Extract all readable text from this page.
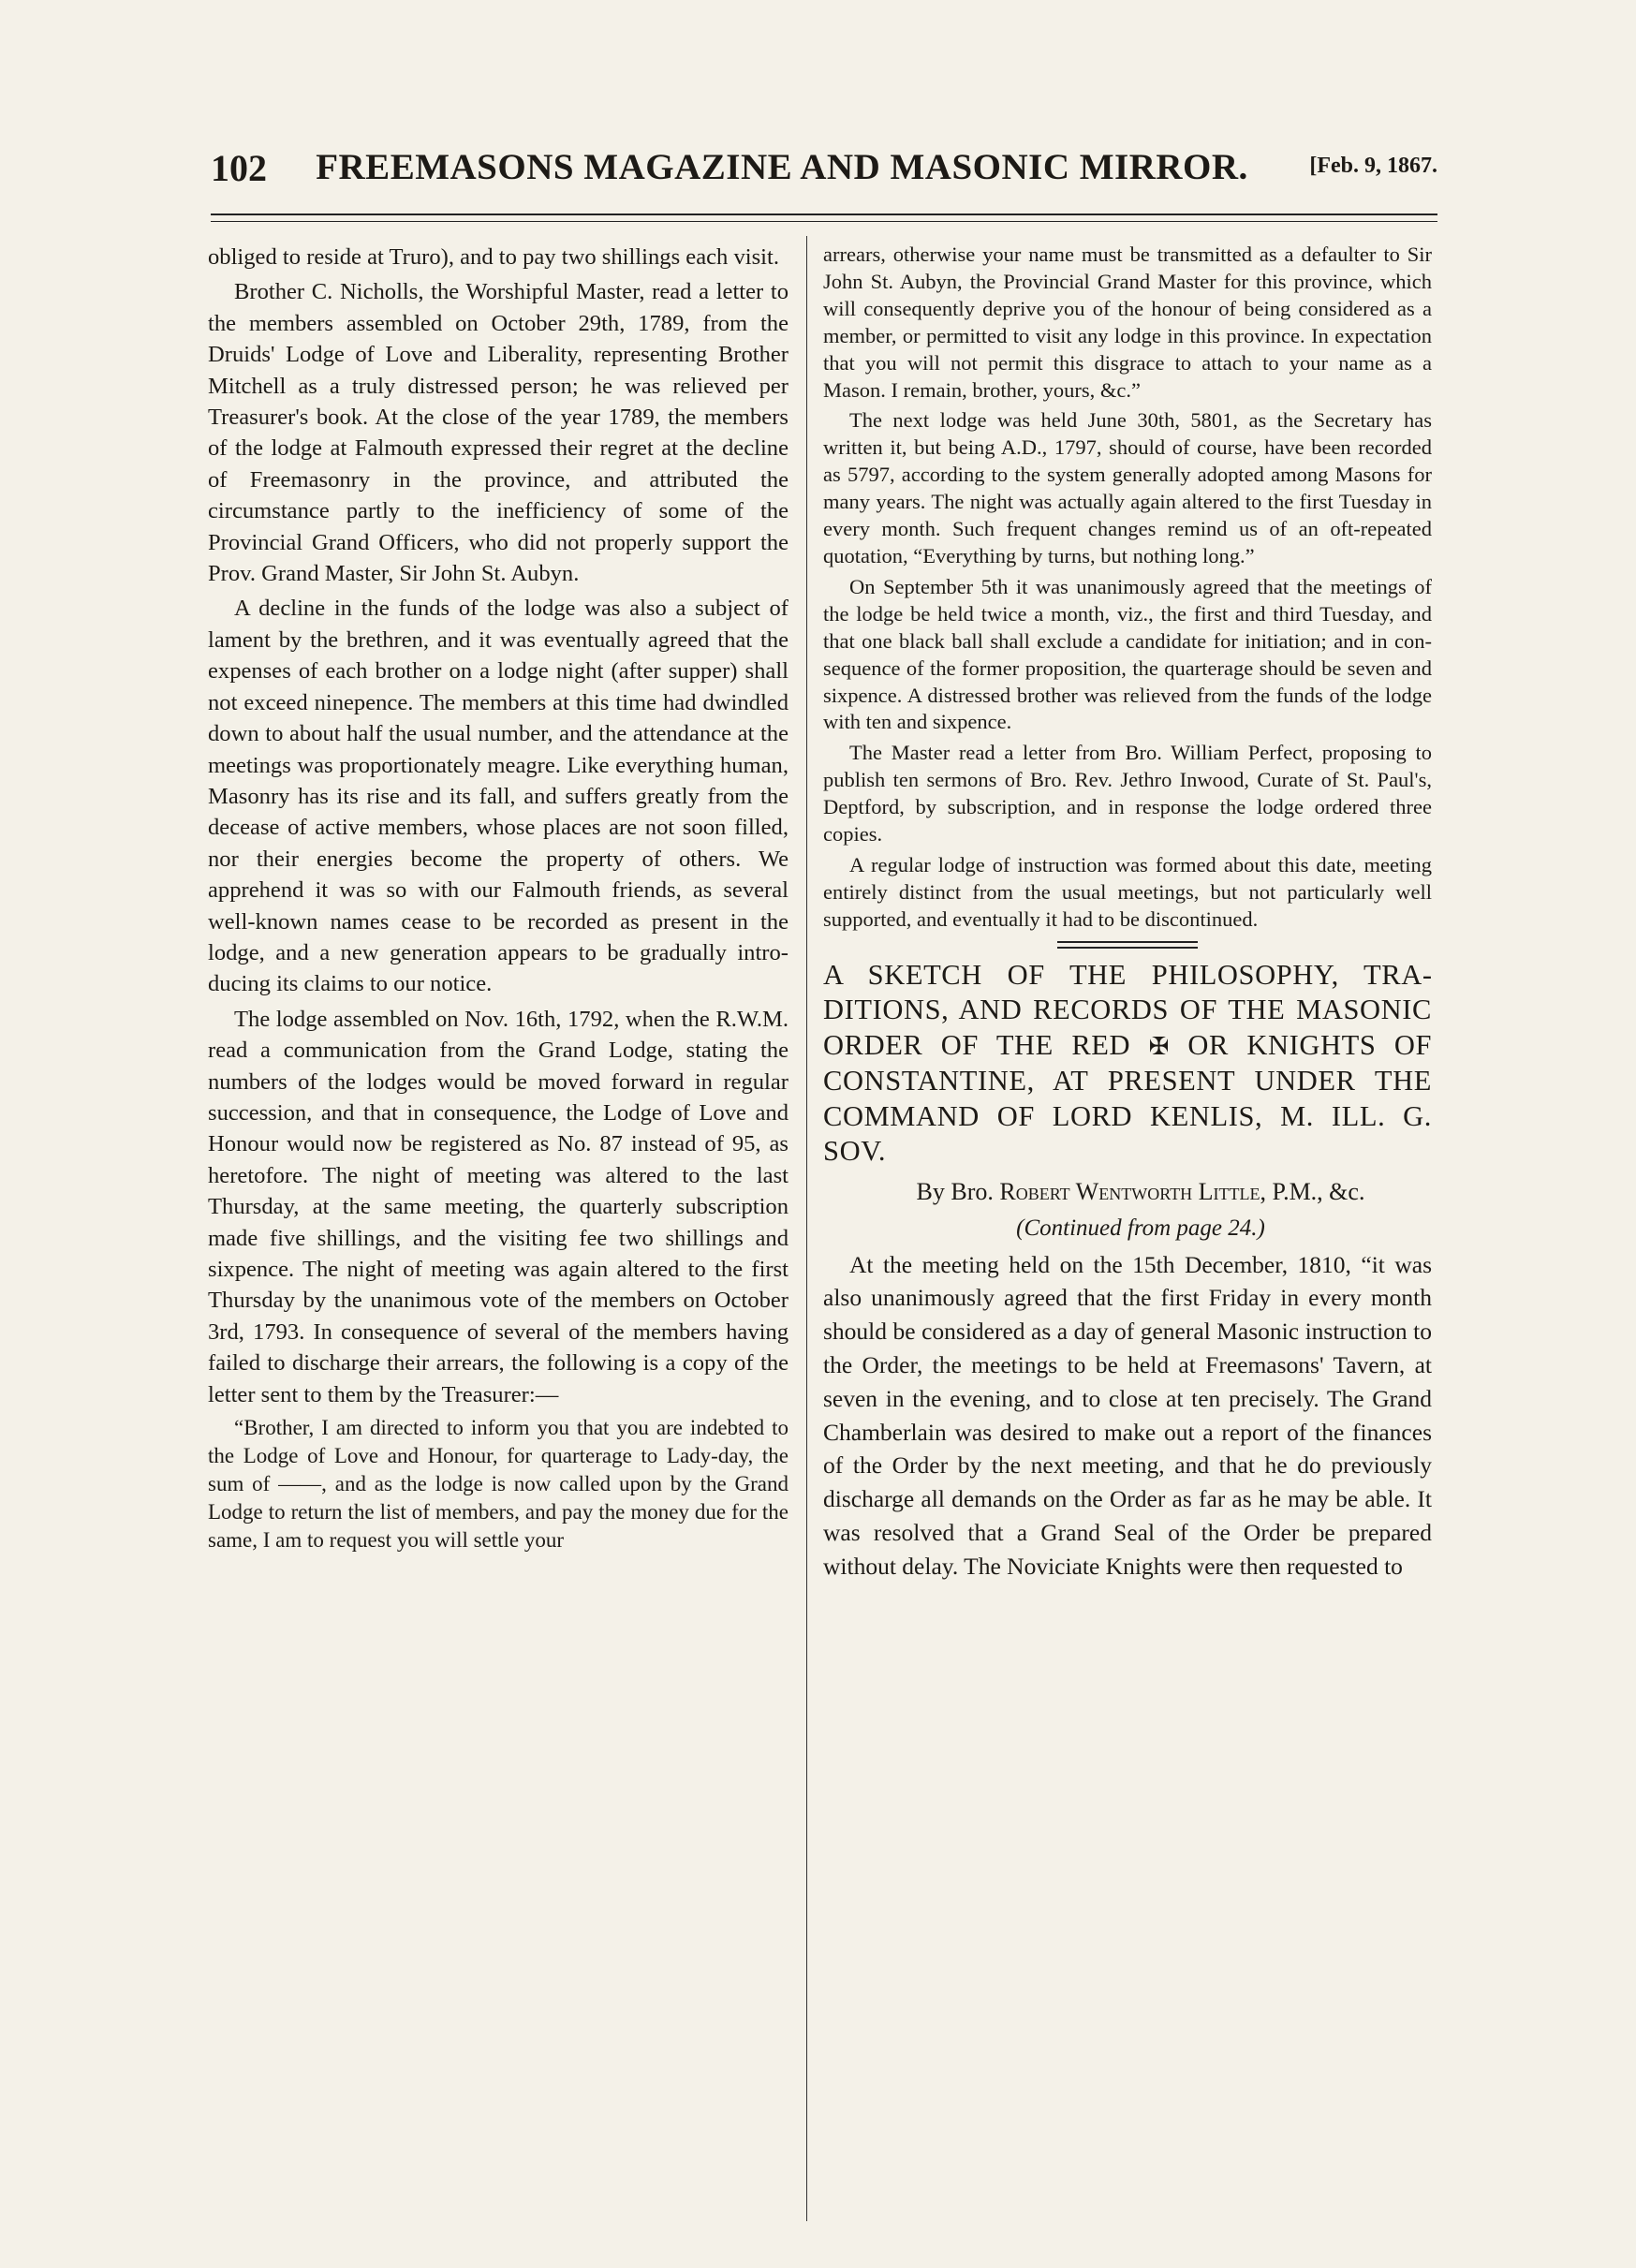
102	FREEMASONS MAGAZINE AND MASONIC MIRROR.	[Feb. 9, 1867.

obliged to reside at Truro), and to pay two shillings each visit.

Brother C. Nicholls, the Worshipful Master, read a letter to the members assembled on October 29th, 1789, from the Druids' Lodge of Love and Liberality, representing Brother Mitchell as a truly distressed person; he was relieved per Treasurer's book. At the close of the year 1789, the members of the lodge at Falmouth expressed their regret at the decline of Freemasonry in the province, and attributed the circumstance partly to the inefficiency of some of the Provincial Grand Officers, who did not properly support the Prov. Grand Master, Sir John St. Aubyn.

A decline in the funds of the lodge was also a subject of lament by the brethren, and it was eventually agreed that the expenses of each brother on a lodge night (after supper) shall not exceed ninepence. The members at this time had dwindled down to about half the usual number, and the attendance at the meetings was proportionately meagre. Like everything human, Masonry has its rise and its fall, and suffers greatly from the decease of active members, whose places are not soon filled, nor their energies become the property of others. We apprehend it was so with our Falmouth friends, as several well-known names cease to be recorded as present in the lodge, and a new generation appears to be gradually introducing its claims to our notice.

The lodge assembled on Nov. 16th, 1792, when the R.W.M. read a communication from the Grand Lodge, stating the numbers of the lodges would be moved forward in regular succession, and that in consequence, the Lodge of Love and Honour would now be registered as No. 87 instead of 95, as heretofore. The night of meeting was altered to the last Thursday, at the same meeting, the quarterly subscription made five shillings, and the visiting fee two shillings and sixpence. The night of meeting was again altered to the first Thursday by the unanimous vote of the members on October 3rd, 1793. In consequence of several of the members having failed to discharge their arrears, the following is a copy of the letter sent to them by the Treasurer:—

“Brother, I am directed to inform you that you are indebted to the Lodge of Love and Honour, for quarterage to Lady-day, the sum of ——, and as the lodge is now called upon by the Grand Lodge to return the list of members, and pay the money due for the same, I am to request you will settle your

arrears, otherwise your name must be transmitted as a defaulter to Sir John St. Aubyn, the Provincial Grand Master for this province, which will consequently deprive you of the honour of being considered as a member, or permitted to visit any lodge in this province. In expectation that you will not permit this disgrace to attach to your name as a Mason. I remain, brother, yours, &c.”

The next lodge was held June 30th, 5801, as the Secretary has written it, but being A.D., 1797, should of course, have been recorded as 5797, according to the system generally adopted among Masons for many years. The night was actually again altered to the first Tuesday in every month. Such frequent changes remind us of an oft-repeated quotation, “Everything by turns, but nothing long.”

On September 5th it was unanimously agreed that the meetings of the lodge be held twice a month, viz., the first and third Tuesday, and that one black ball shall exclude a candidate for initiation; and in consequence of the former proposition, the quarterage should be seven and sixpence. A distressed brother was relieved from the funds of the lodge with ten and sixpence.

The Master read a letter from Bro. William Perfect, proposing to publish ten sermons of Bro. Rev. Jethro Inwood, Curate of St. Paul's, Deptford, by subscription, and in response the lodge ordered three copies.

A regular lodge of instruction was formed about this date, meeting entirely distinct from the usual meetings, but not particularly well supported, and eventually it had to be discontinued.

A SKETCH OF THE PHILOSOPHY, TRADITIONS, AND RECORDS OF THE MASONIC ORDER OF THE RED ✠ OR KNIGHTS OF CONSTANTINE, AT PRESENT UNDER THE COMMAND OF LORD KENLIS, M. ILL. G. SOV.

By Bro. Robert Wentworth Little, P.M., &c.

(Continued from page 24.)

At the meeting held on the 15th December, 1810, “it was also unanimously agreed that the first Friday in every month should be considered as a day of general Masonic instruction to the Order, the meetings to be held at Freemasons' Tavern, at seven in the evening, and to close at ten precisely. The Grand Chamberlain was desired to make out a report of the finances of the Order by the next meeting, and that he do previously discharge all demands on the Order as far as he may be able. It was resolved that a Grand Seal of the Order be prepared without delay. The Noviciate Knights were then requested to
